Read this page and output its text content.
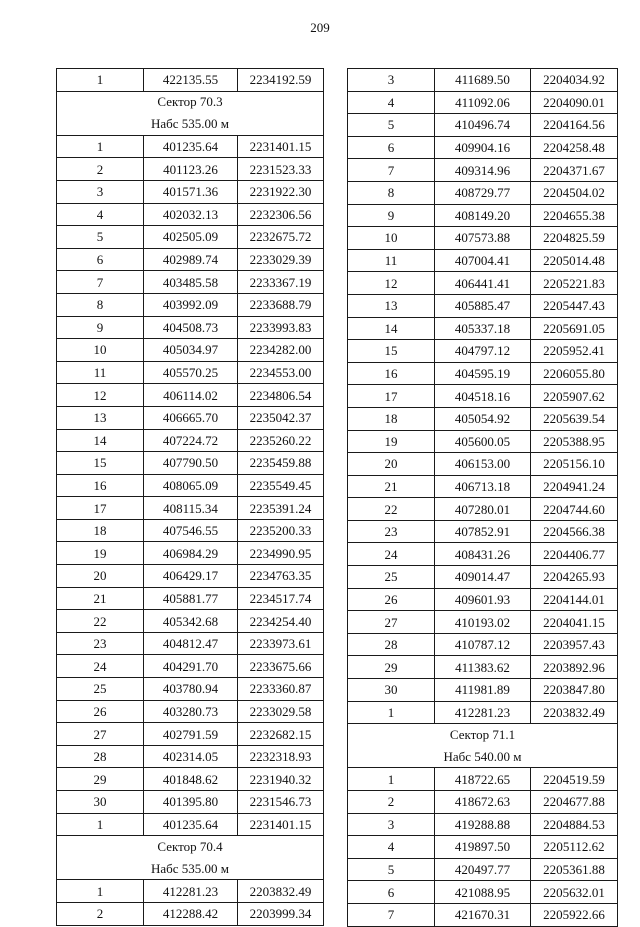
209
1	422135.55	2234192.59
Сектор 70.3		
Набс 535.00 м		
1	401235.64	2231401.15
2	401123.26	2231523.33
3	401571.36	2231922.30
4	402032.13	2232306.56
5	402505.09	2232675.72
6	402989.74	2233029.39
7	403485.58	2233367.19
8	403992.09	2233688.79
9	404508.73	2233993.83
10	405034.97	2234282.00
11	405570.25	2234553.00
12	406114.02	2234806.54
13	406665.70	2235042.37
14	407224.72	2235260.22
15	407790.50	2235459.88
16	408065.09	2235549.45
17	408115.34	2235391.24
18	407546.55	2235200.33
19	406984.29	2234990.95
20	406429.17	2234763.35
21	405881.77	2234517.74
22	405342.68	2234254.40
23	404812.47	2233973.61
24	404291.70	2233675.66
25	403780.94	2233360.87
26	403280.73	2233029.58
27	402791.59	2232682.15
28	402314.05	2232318.93
29	401848.62	2231940.32
30	401395.80	2231546.73
1	401235.64	2231401.15
Сектор 70.4		
Набс 535.00 м		
1	412281.23	2203832.49
2	412288.42	2203999.34
3	411689.50	2204034.92
4	411092.06	2204090.01
5	410496.74	2204164.56
6	409904.16	2204258.48
7	409314.96	2204371.67
8	408729.77	2204504.02
9	408149.20	2204655.38
10	407573.88	2204825.59
11	407004.41	2205014.48
12	406441.41	2205221.83
13	405885.47	2205447.43
14	405337.18	2205691.05
15	404797.12	2205952.41
16	404595.19	2206055.80
17	404518.16	2205907.62
18	405054.92	2205639.54
19	405600.05	2205388.95
20	406153.00	2205156.10
21	406713.18	2204941.24
22	407280.01	2204744.60
23	407852.91	2204566.38
24	408431.26	2204406.77
25	409014.47	2204265.93
26	409601.93	2204144.01
27	410193.02	2204041.15
28	410787.12	2203957.43
29	411383.62	2203892.96
30	411981.89	2203847.80
1	412281.23	2203832.49
Сектор 71.1		
Набс 540.00 м		
1	418722.65	2204519.59
2	418672.63	2204677.88
3	419288.88	2204884.53
4	419897.50	2205112.62
5	420497.77	2205361.88
6	421088.95	2205632.01
7	421670.31	2205922.66
